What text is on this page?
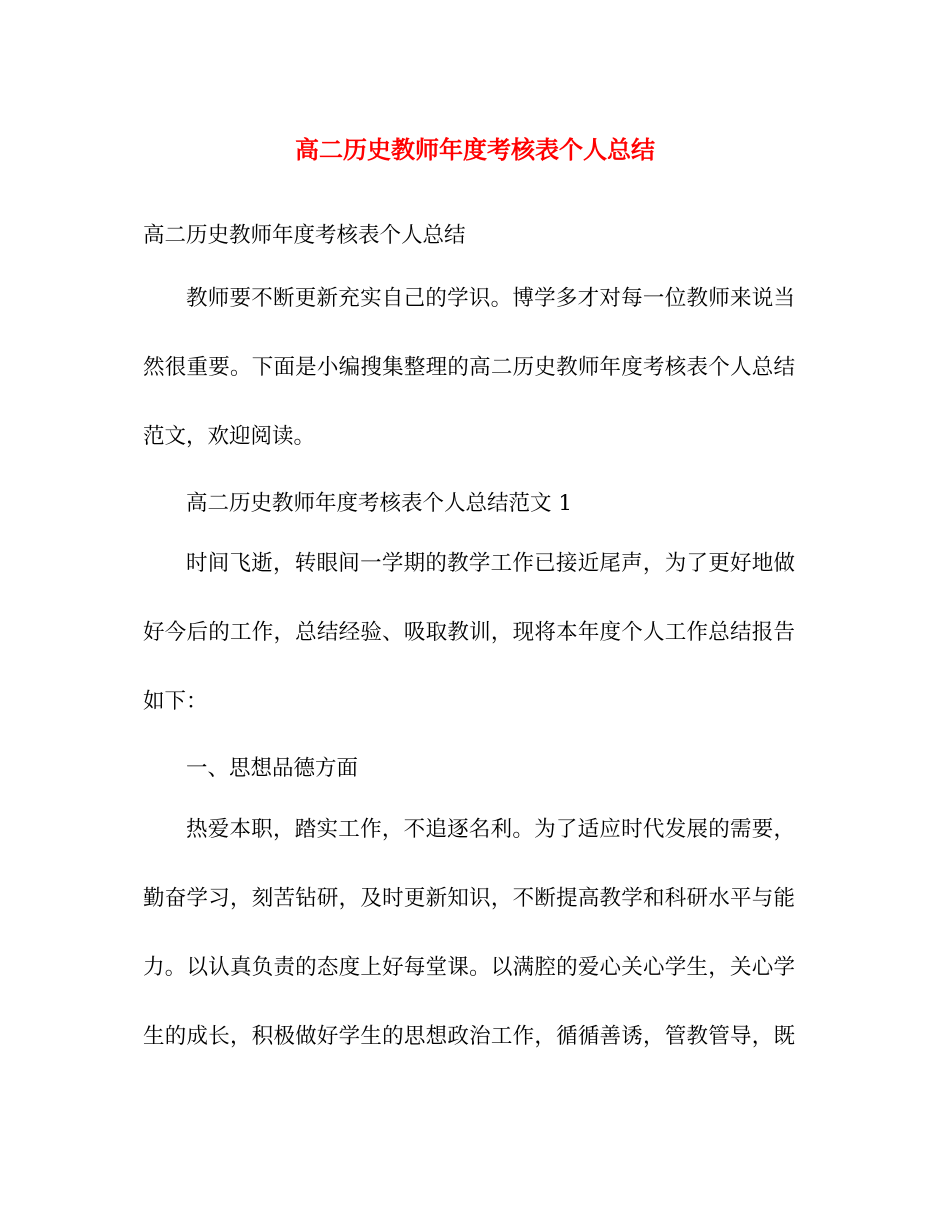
高二历史教师年度考核表个人总结
高二历史教师年度考核表个人总结
教师要不断更新充实自己的学识。博学多才对每一位教师来说当
然很重要。下面是小编搜集整理的高二历史教师年度考核表个人总结
范文，欢迎阅读。
高二历史教师年度考核表个人总结范文 1
时间飞逝，转眼间一学期的教学工作已接近尾声，为了更好地做
好今后的工作，总结经验、吸取教训，现将本年度个人工作总结报告
如下：
一、思想品德方面
热爱本职，踏实工作，不追逐名利。为了适应时代发展的需要，
勤奋学习，刻苦钻研，及时更新知识，不断提高教学和科研水平与能
力。以认真负责的态度上好每堂课。以满腔的爱心关心学生，关心学
生的成长，积极做好学生的思想政治工作，循循善诱，管教管导，既
